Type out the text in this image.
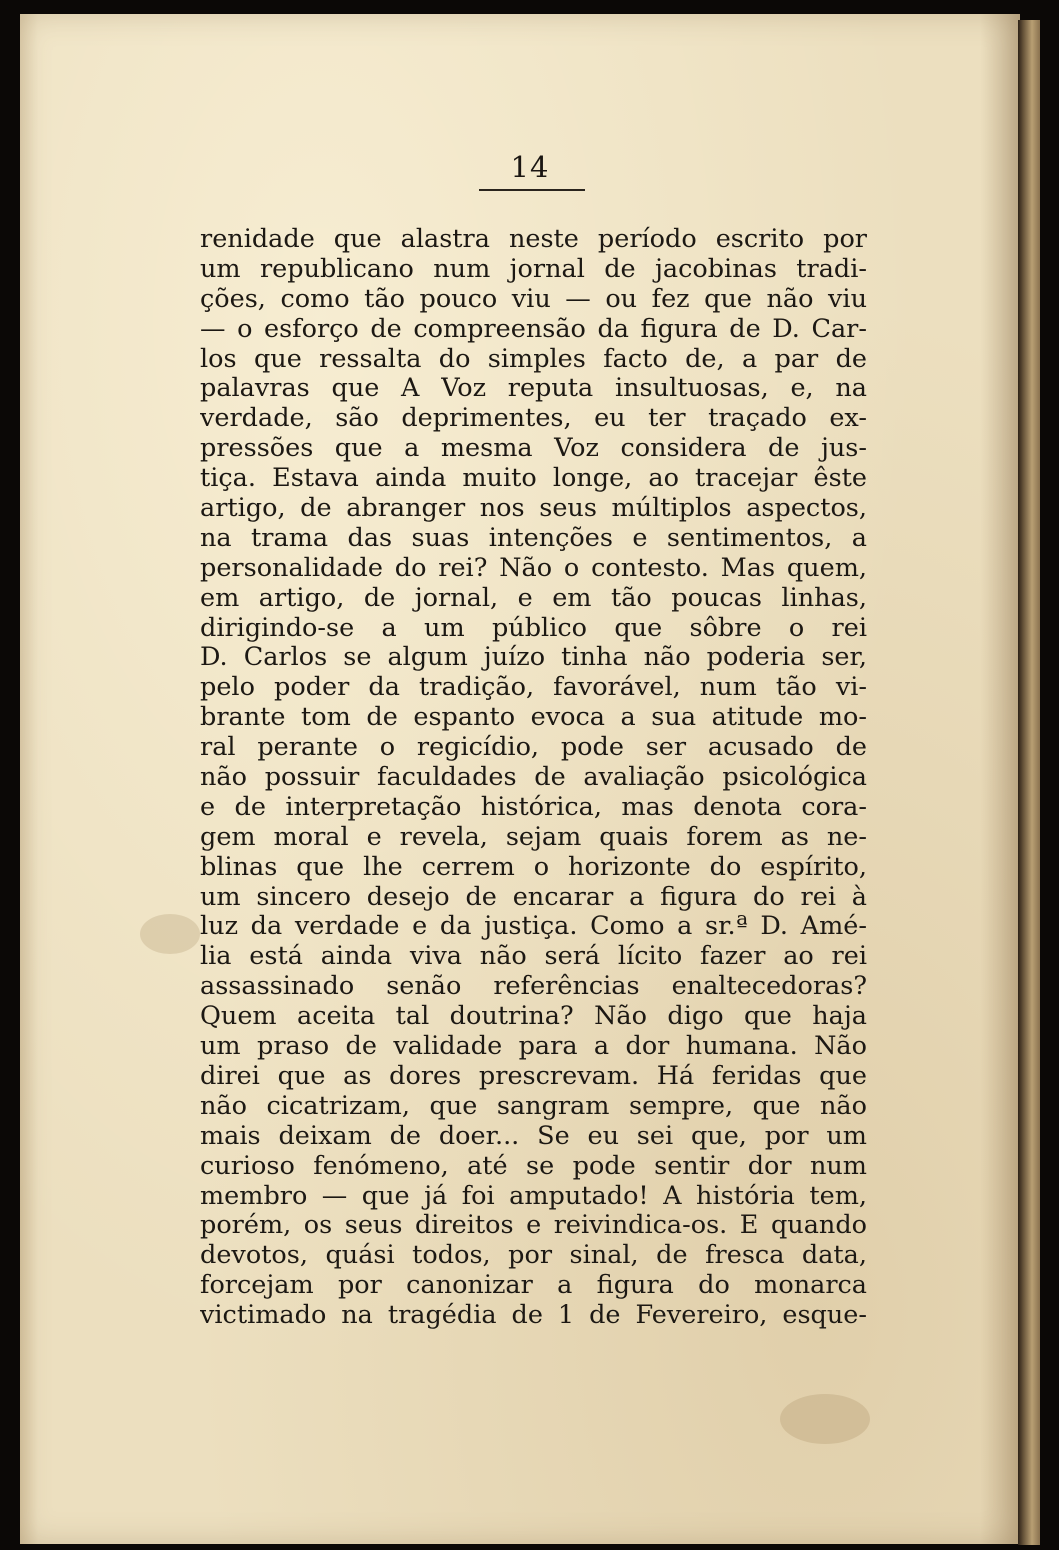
14
renidade que alastra neste período escrito por
um republicano num jornal de jacobinas tradi-
ções, como tão pouco viu — ou fez que não viu
— o esforço de compreensão da figura de D. Car-
los que ressalta do simples facto de, a par de
palavras que A Voz reputa insultuosas, e, na
verdade, são deprimentes, eu ter traçado ex-
pressões que a mesma Voz considera de jus-
tiça. Estava ainda muito longe, ao tracejar êste
artigo, de abranger nos seus múltiplos aspectos,
na trama das suas intenções e sentimentos, a
personalidade do rei? Não o contesto. Mas quem,
em artigo, de jornal, e em tão poucas linhas,
dirigindo-se a um público que sôbre o rei
D. Carlos se algum juízo tinha não poderia ser,
pelo poder da tradição, favorável, num tão vi-
brante tom de espanto evoca a sua atitude mo-
ral perante o regicídio, pode ser acusado de
não possuir faculdades de avaliação psicológica
e de interpretação histórica, mas denota cora-
gem moral e revela, sejam quais forem as ne-
blinas que lhe cerrem o horizonte do espírito,
um sincero desejo de encarar a figura do rei à
luz da verdade e da justiça. Como a sr.ª D. Amé-
lia está ainda viva não será lícito fazer ao rei
assassinado senão referências enaltecedoras?
Quem aceita tal doutrina? Não digo que haja
um praso de validade para a dor humana. Não
direi que as dores prescrevam. Há feridas que
não cicatrizam, que sangram sempre, que não
mais deixam de doer... Se eu sei que, por um
curioso fenómeno, até se pode sentir dor num
membro — que já foi amputado! A história tem,
porém, os seus direitos e reivindica-os. E quando
devotos, quási todos, por sinal, de fresca data,
forcejam por canonizar a figura do monarca
victimado na tragédia de 1 de Fevereiro, esque-
